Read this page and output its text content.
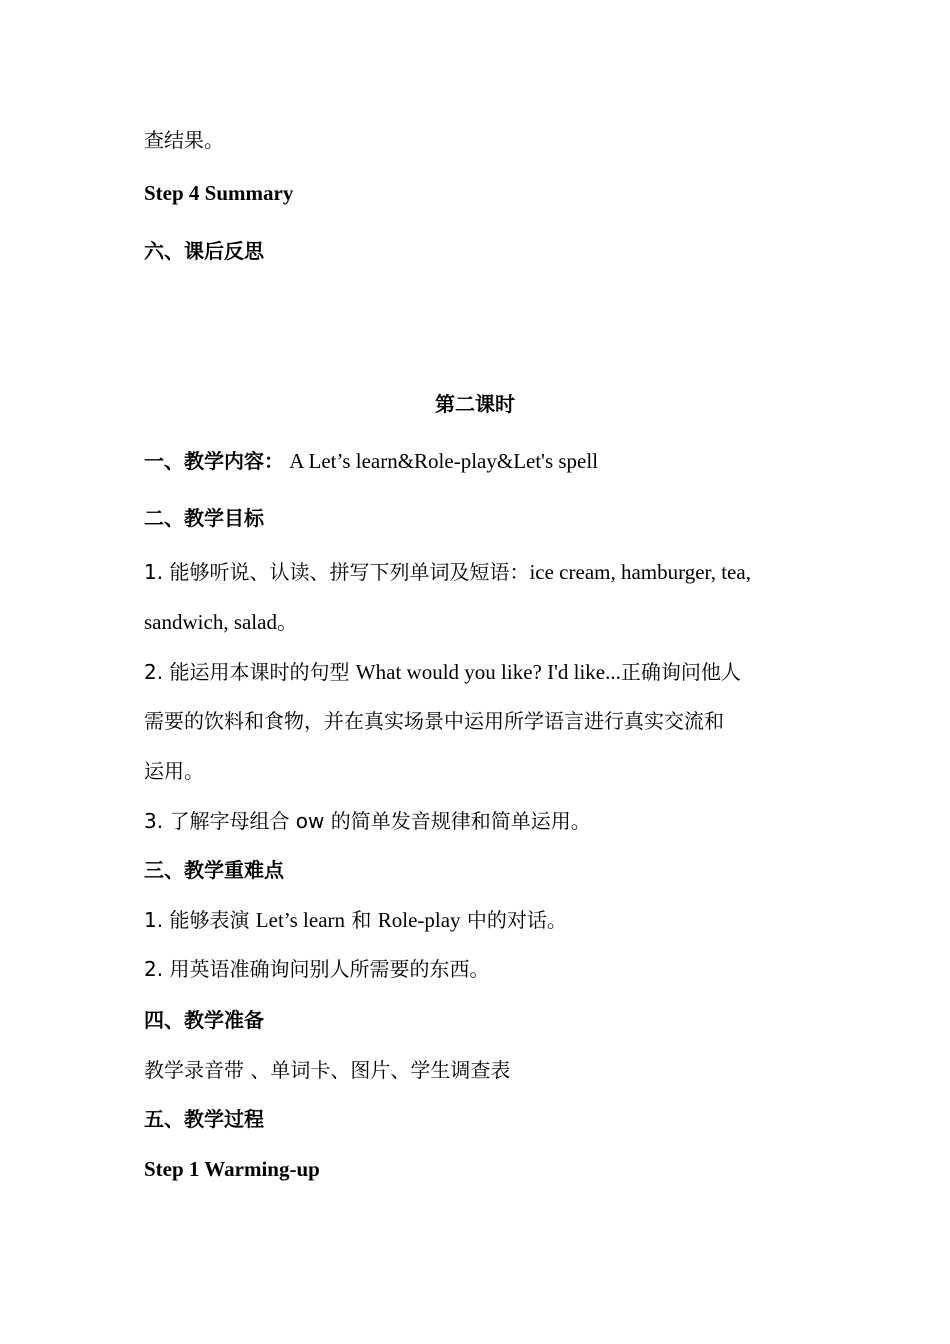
查结果。
Step 4 Summary
六、课后反思
第二课时
一、教学内容： A Let’s learn&Role-play&Let's spell
二、教学目标
1. 能够听说、认读、拼写下列单词及短语：ice cream, hamburger, tea,
sandwich, salad。
2. 能运用本课时的句型 What would you like? I'd like...正确询问他人
需要的饮料和食物，并在真实场景中运用所学语言进行真实交流和
运用。
3. 了解字母组合 ow 的简单发音规律和简单运用。
三、教学重难点
1. 能够表演 Let’s learn 和 Role-play 中的对话。
2. 用英语准确询问别人所需要的东西。
四、教学准备
教学录音带 、单词卡、图片、学生调查表
五、教学过程
Step 1 Warming-up
